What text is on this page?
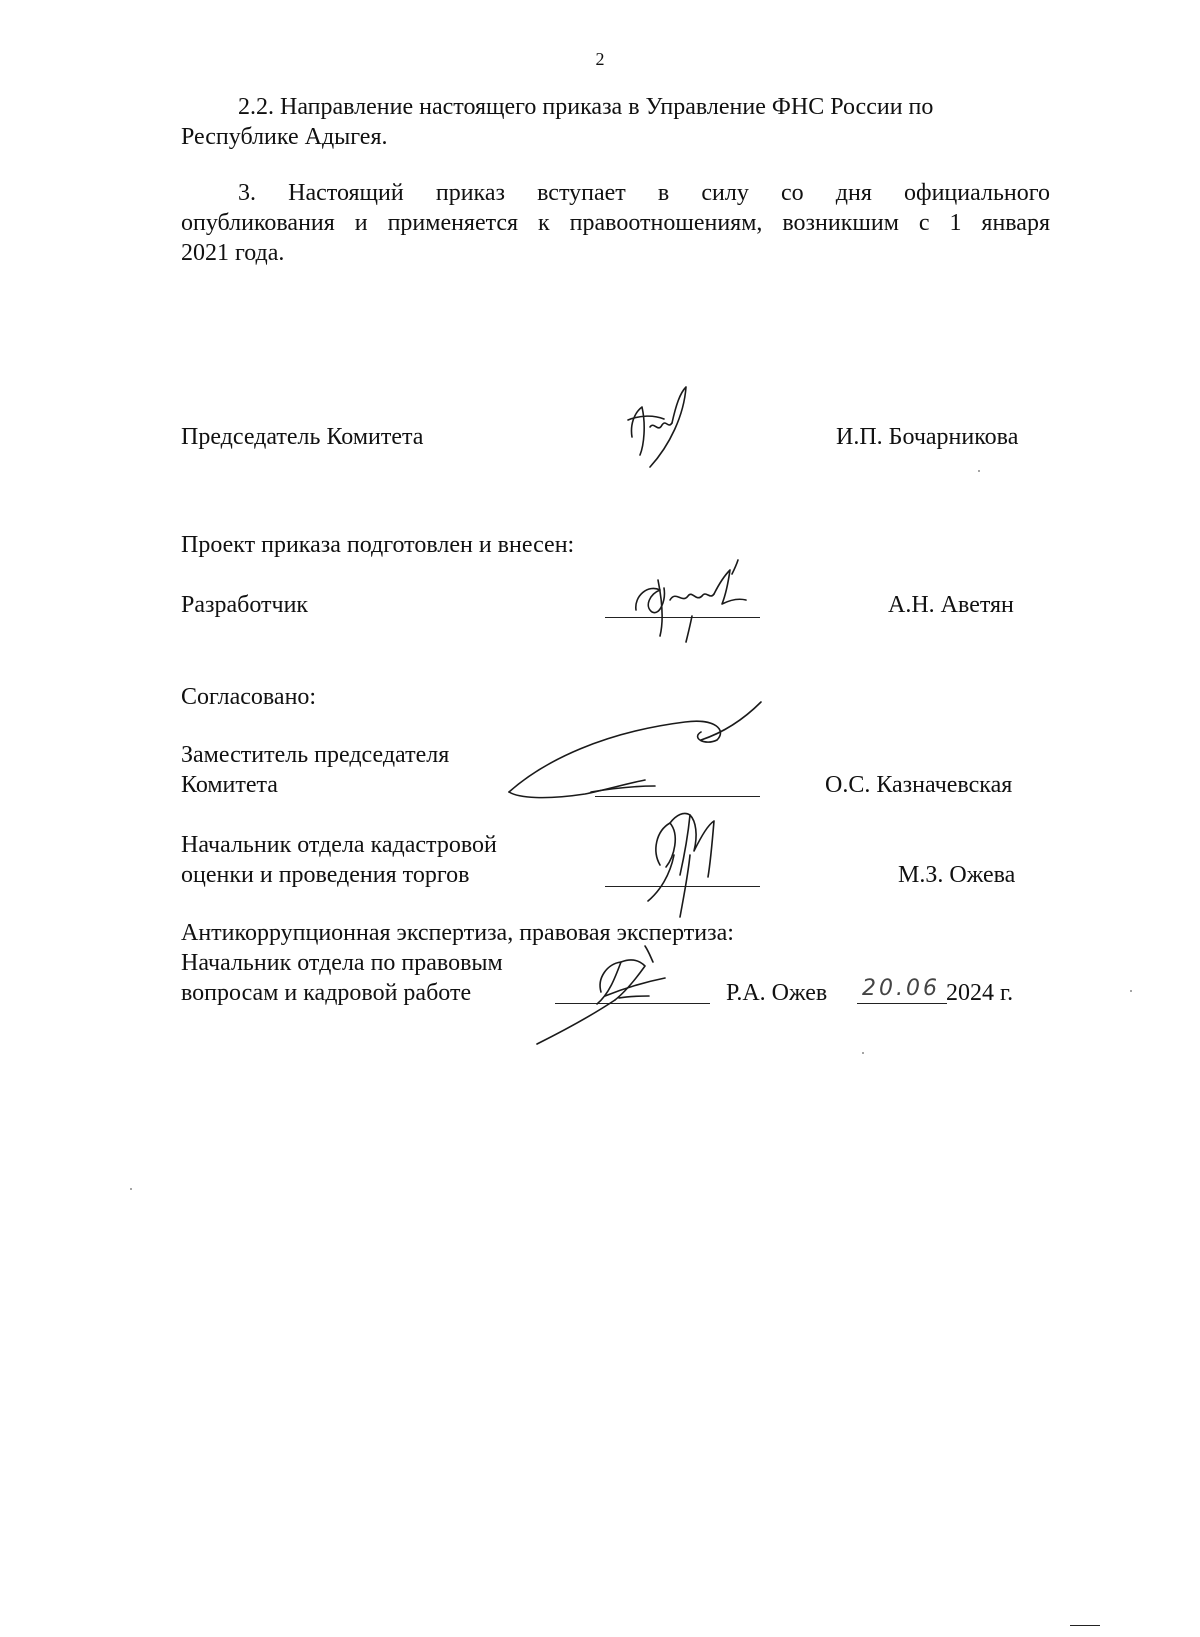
2
2.2. Направление настоящего приказа в Управление ФНС России по
Республике Адыгея.
3. Настоящий приказ вступает в силу со дня официального
опубликования и применяется к правоотношениям, возникшим с 1 января
2021 года.
Председатель Комитета	И.П. Бочарникова
Проект приказа подготовлен и внесен:
Разработчик	А.Н. Аветян
Согласовано:
Заместитель председателя
Комитета	О.С. Казначевская
Начальник отдела кадастровой
оценки и проведения торгов	М.З. Ожева
Антикоррупционная экспертиза, правовая экспертиза:
Начальник отдела по правовым
вопросам и кадровой работе	Р.А. Ожев 20.06 2024 г.
